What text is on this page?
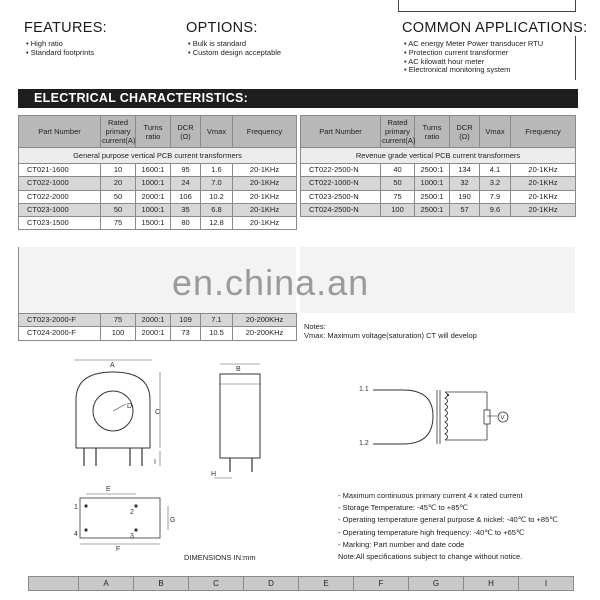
FEATURES:
• High ratio
• Standard footprints
OPTIONS:
• Bulk is standard
• Custom design acceptable
COMMON APPLICATIONS:
• AC energy Meter Power transducer RTU
• Protection current transformer
• AC kilowatt hour meter
• Electronical monitoring system
ELECTRICAL CHARACTERISTICS:
Part Number	Rated primary current(A)	Turns ratio	DCR (Ω)	Vmax	Frequency
General purpose vertical PCB current transformers					
CT021-1600	10	1600:1	95	1.6	20-1KHz
CT022-1000	20	1000:1	24	7.0	20-1KHz
CT022-2000	50	2000:1	106	10.2	20-1KHz
CT023-1000	50	1000:1	35	6.8	20-1KHz
CT023-1500	75	1500:1	80	12.8	20-1KHz
en.china.an
CT023-2000-F	75	2000:1	109	7.1	20-200KHz
CT024-2000-F	100	2000:1	73	10.5	20-200KHz
Part Number	Rated primary current(A)	Turns ratio	DCR (Ω)	Vmax	Frequency
Revenue grade vertical PCB current transformers					
CT022-2500-N	40	2500:1	134	4.1	20-1KHz
CT022-1000-N	50	1000:1	32	3.2	20-1KHz
CT023-2500-N	75	2500:1	190	7.9	20-1KHz
CT024-2500-N	100	2500:1	57	9.6	20-1KHz
Notes:
Vmax: Maximum voltage(saturation) CT will develop
A
D
C
I
B
H
E
1
2
3
4
G
F
DIMENSIONS IN:mm
1.1
1.2
V
- Maximum continuous primary current 4 x rated current
- Storage Temperature: -45℃ to +85℃
- Operating temperature general purpose & nickel: -40℃ to +85℃
- Operating temperature high frequency: -40℃ to +65℃
- Marking: Part number and date code
Note:All specifications subject to change without notice.
	A	B	C	D	E	F	G	H	I
